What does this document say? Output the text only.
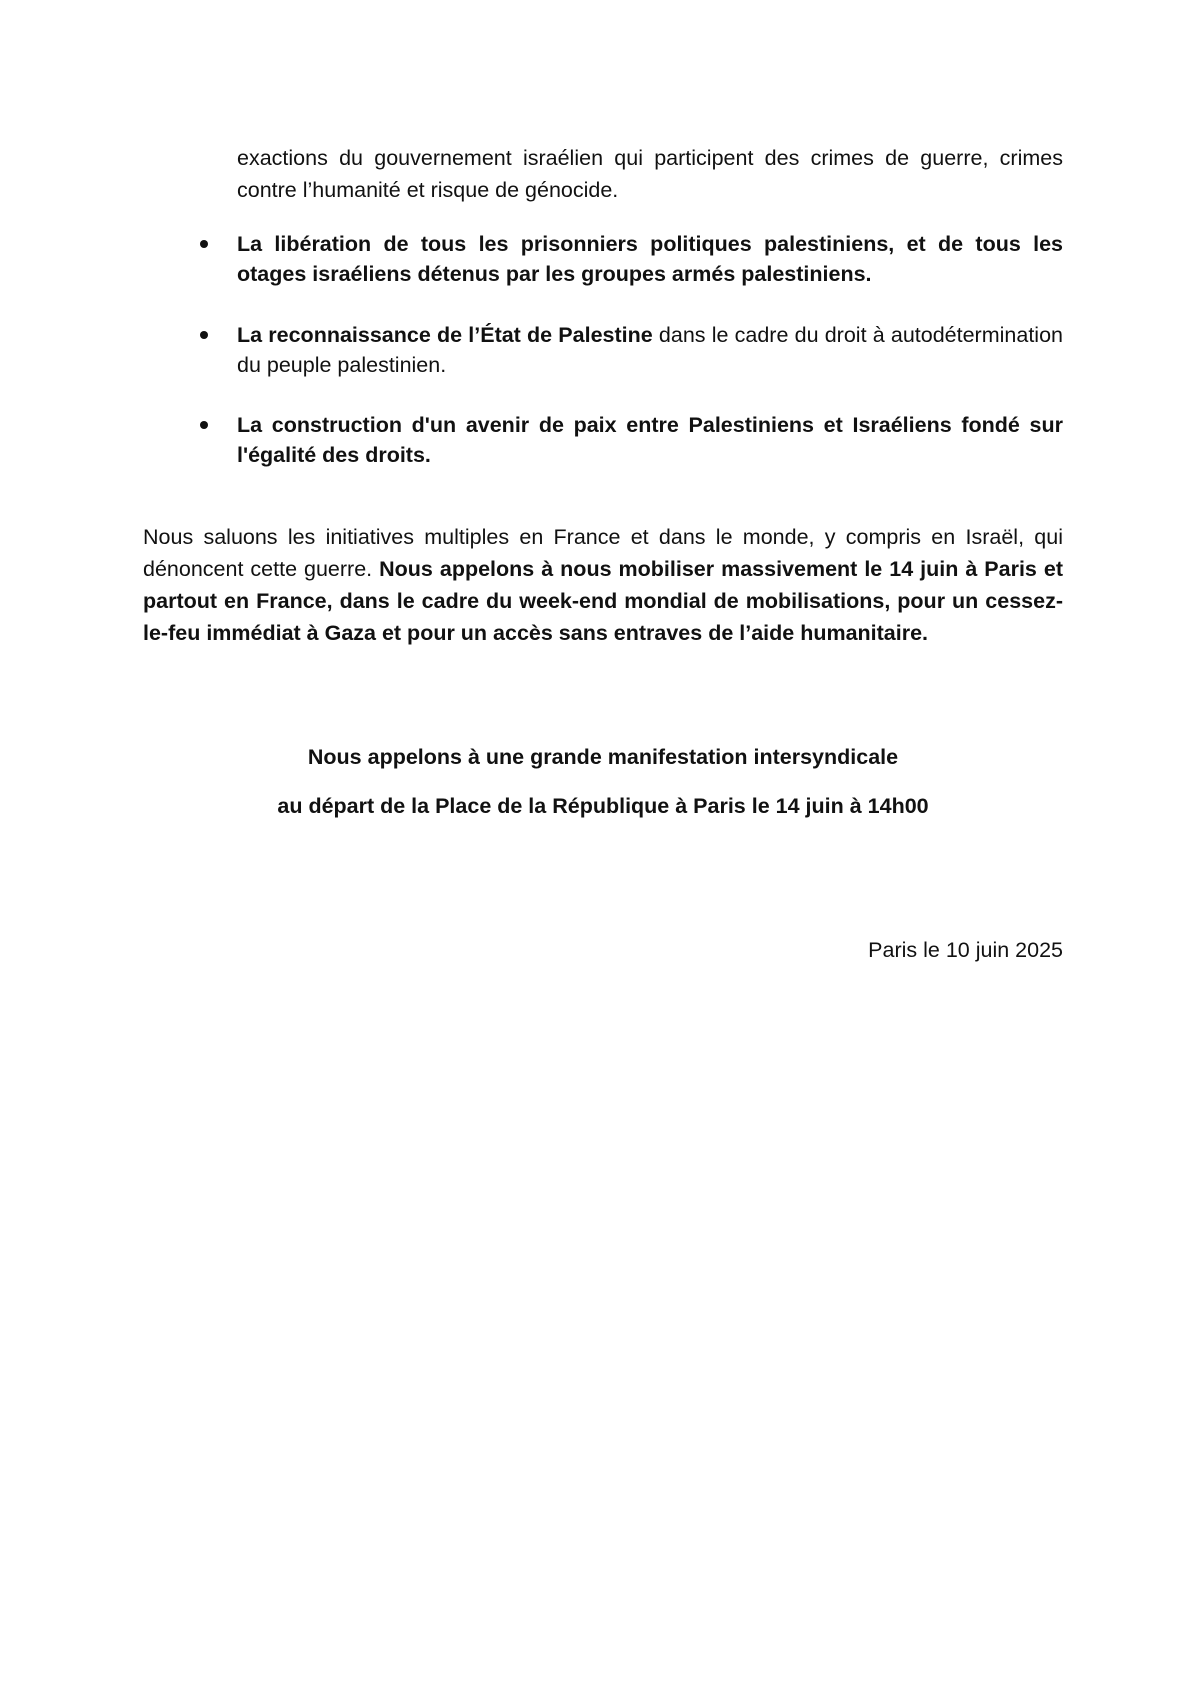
exactions du gouvernement israélien qui participent des crimes de guerre, crimes contre l’humanité et risque de génocide.
La libération de tous les prisonniers politiques palestiniens, et de tous les otages israéliens détenus par les groupes armés palestiniens.
La reconnaissance de l’État de Palestine dans le cadre du droit à autodétermination du peuple palestinien.
La construction d'un avenir de paix entre Palestiniens et Israéliens fondé sur l'égalité des droits.
Nous saluons les initiatives multiples en France et dans le monde, y compris en Israël, qui dénoncent cette guerre. Nous appelons à nous mobiliser massivement le 14 juin à Paris et partout en France, dans le cadre du week-end mondial de mobilisations, pour un cessez-le-feu immédiat à Gaza et pour un accès sans entraves de l’aide humanitaire.
Nous appelons à une grande manifestation intersyndicale
au départ de la Place de la République à Paris le 14 juin à 14h00
Paris le 10 juin 2025
